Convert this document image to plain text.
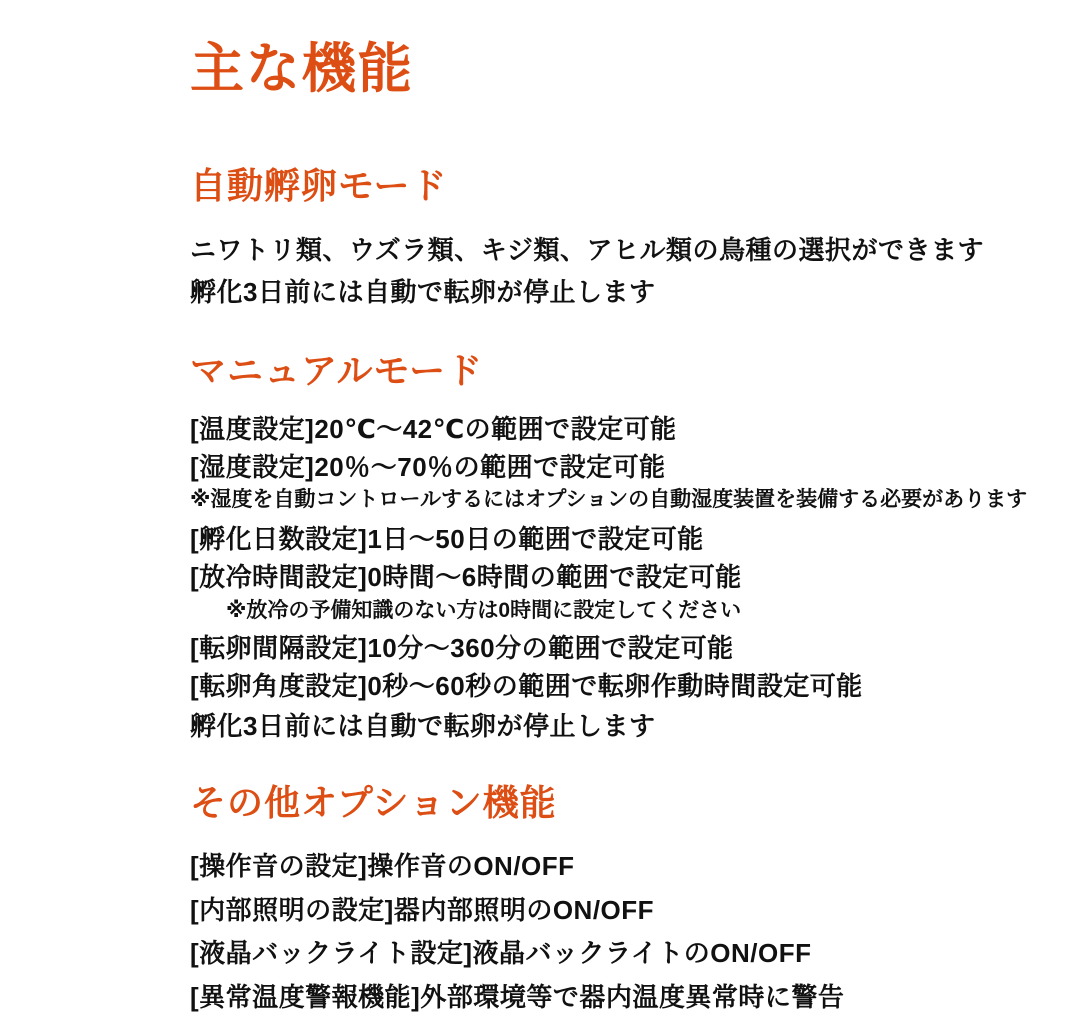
主な機能
自動孵卵モード

ニワトリ類、ウズラ類、キジ類、アヒル類の鳥種の選択ができます

孵化3日前には自動で転卵が停止します

マニュアルモード

[温度設定]20℃～42℃の範囲で設定可能

[湿度設定]20％～70％の範囲で設定可能

※湿度を自動コントロールするにはオプションの自動湿度装置を装備する必要があります

[孵化日数設定]1日～50日の範囲で設定可能

[放冷時間設定]0時間～6時間の範囲で設定可能

※放冷の予備知識のない方は0時間に設定してください

[転卵間隔設定]10分～360分の範囲で設定可能

[転卵角度設定]0秒～60秒の範囲で転卵作動時間設定可能

孵化3日前には自動で転卵が停止します

その他オプション機能

[操作音の設定]操作音のON/OFF

[内部照明の設定]器内部照明のON/OFF

[液晶バックライト設定]液晶バックライトのON/OFF

[異常温度警報機能]外部環境等で器内温度異常時に警告
